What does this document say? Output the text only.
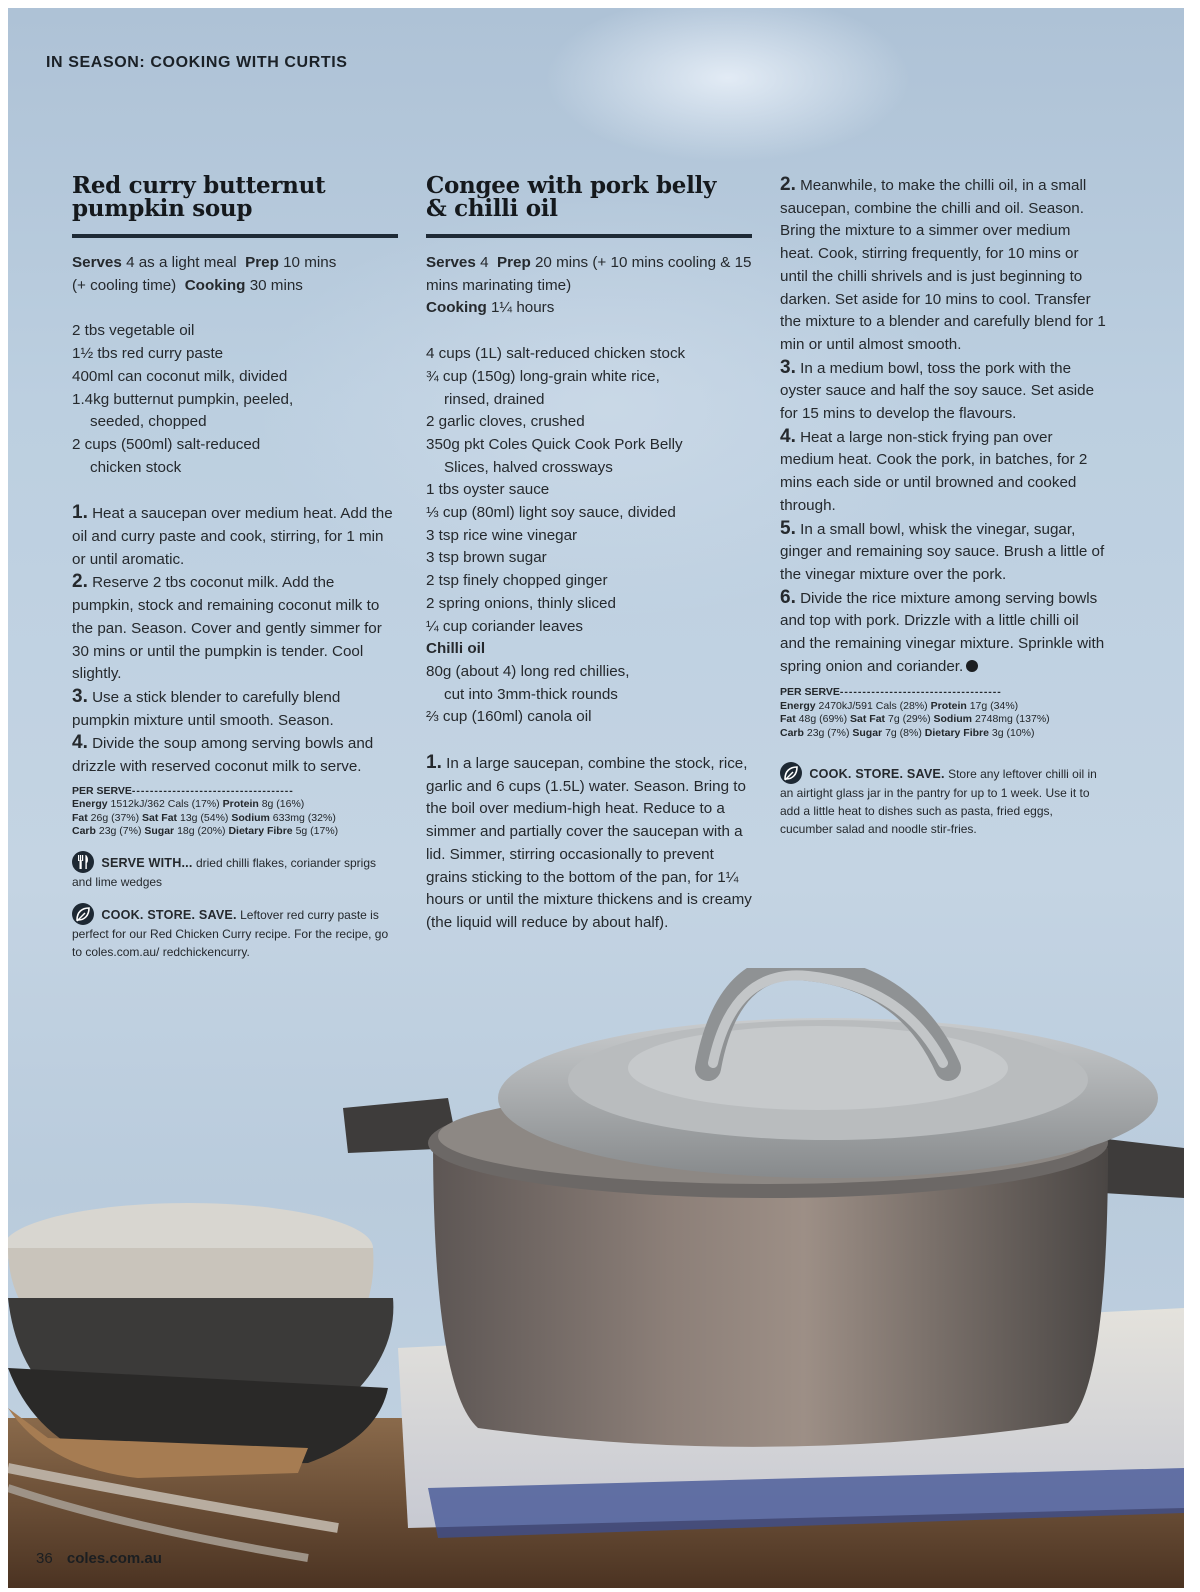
IN SEASON: COOKING WITH CURTIS
Red curry butternut
pumpkin soup
Serves 4 as a light meal Prep 10 mins
(+ cooling time) Cooking 30 mins
2 tbs vegetable oil
1½ tbs red curry paste
400ml can coconut milk, divided
1.4kg butternut pumpkin, peeled,
seeded, chopped
2 cups (500ml) salt-reduced
chicken stock
1. Heat a saucepan over medium heat. Add the oil and curry paste and cook, stirring, for 1 min or until aromatic.
2. Reserve 2 tbs coconut milk. Add the pumpkin, stock and remaining coconut milk to the pan. Season. Cover and gently simmer for 30 mins or until the pumpkin is tender. Cool slightly.
3. Use a stick blender to carefully blend pumpkin mixture until smooth. Season.
4. Divide the soup among serving bowls and drizzle with reserved coconut milk to serve.
PER SERVE ------------------------------------
Energy 1512kJ/362 Cals (17%) Protein 8g (16%)
Fat 26g (37%) Sat Fat 13g (54%) Sodium 633mg (32%)
Carb 23g (7%) Sugar 18g (20%) Dietary Fibre 5g (17%)
SERVE WITH... dried chilli flakes, coriander sprigs and lime wedges
COOK. STORE. SAVE. Leftover red curry paste is perfect for our Red Chicken Curry recipe. For the recipe, go to coles.com.au/ redchickencurry.
Congee with pork belly
& chilli oil
Serves 4 Prep 20 mins (+ 10 mins cooling & 15 mins marinating time)
Cooking 1¼ hours
4 cups (1L) salt-reduced chicken stock
¾ cup (150g) long-grain white rice,
rinsed, drained
2 garlic cloves, crushed
350g pkt Coles Quick Cook Pork Belly
Slices, halved crossways
1 tbs oyster sauce
⅓ cup (80ml) light soy sauce, divided
3 tsp rice wine vinegar
3 tsp brown sugar
2 tsp finely chopped ginger
2 spring onions, thinly sliced
¼ cup coriander leaves
Chilli oil
80g (about 4) long red chillies,
cut into 3mm-thick rounds
⅔ cup (160ml) canola oil
1. In a large saucepan, combine the stock, rice, garlic and 6 cups (1.5L) water. Season. Bring to the boil over medium-high heat. Reduce to a simmer and partially cover the saucepan with a lid. Simmer, stirring occasionally to prevent grains sticking to the bottom of the pan, for 1¼ hours or until the mixture thickens and is creamy (the liquid will reduce by about half).
2. Meanwhile, to make the chilli oil, in a small saucepan, combine the chilli and oil. Season. Bring the mixture to a simmer over medium heat. Cook, stirring frequently, for 10 mins or until the chilli shrivels and is just beginning to darken. Set aside for 10 mins to cool. Transfer the mixture to a blender and carefully blend for 1 min or until almost smooth.
3. In a medium bowl, toss the pork with the oyster sauce and half the soy sauce. Set aside for 15 mins to develop the flavours.
4. Heat a large non-stick frying pan over medium heat. Cook the pork, in batches, for 2 mins each side or until browned and cooked through.
5. In a small bowl, whisk the vinegar, sugar, ginger and remaining soy sauce. Brush a little of the vinegar mixture over the pork.
6. Divide the rice mixture among serving bowls and top with pork. Drizzle with a little chilli oil and the remaining vinegar mixture. Sprinkle with spring onion and coriander.
PER SERVE ------------------------------------
Energy 2470kJ/591 Cals (28%) Protein 17g (34%)
Fat 48g (69%) Sat Fat 7g (29%) Sodium 2748mg (137%)
Carb 23g (7%) Sugar 7g (8%) Dietary Fibre 3g (10%)
COOK. STORE. SAVE. Store any leftover chilli oil in an airtight glass jar in the pantry for up to 1 week. Use it to add a little heat to dishes such as pasta, fried eggs, cucumber salad and noodle stir-fries.
36 coles.com.au
